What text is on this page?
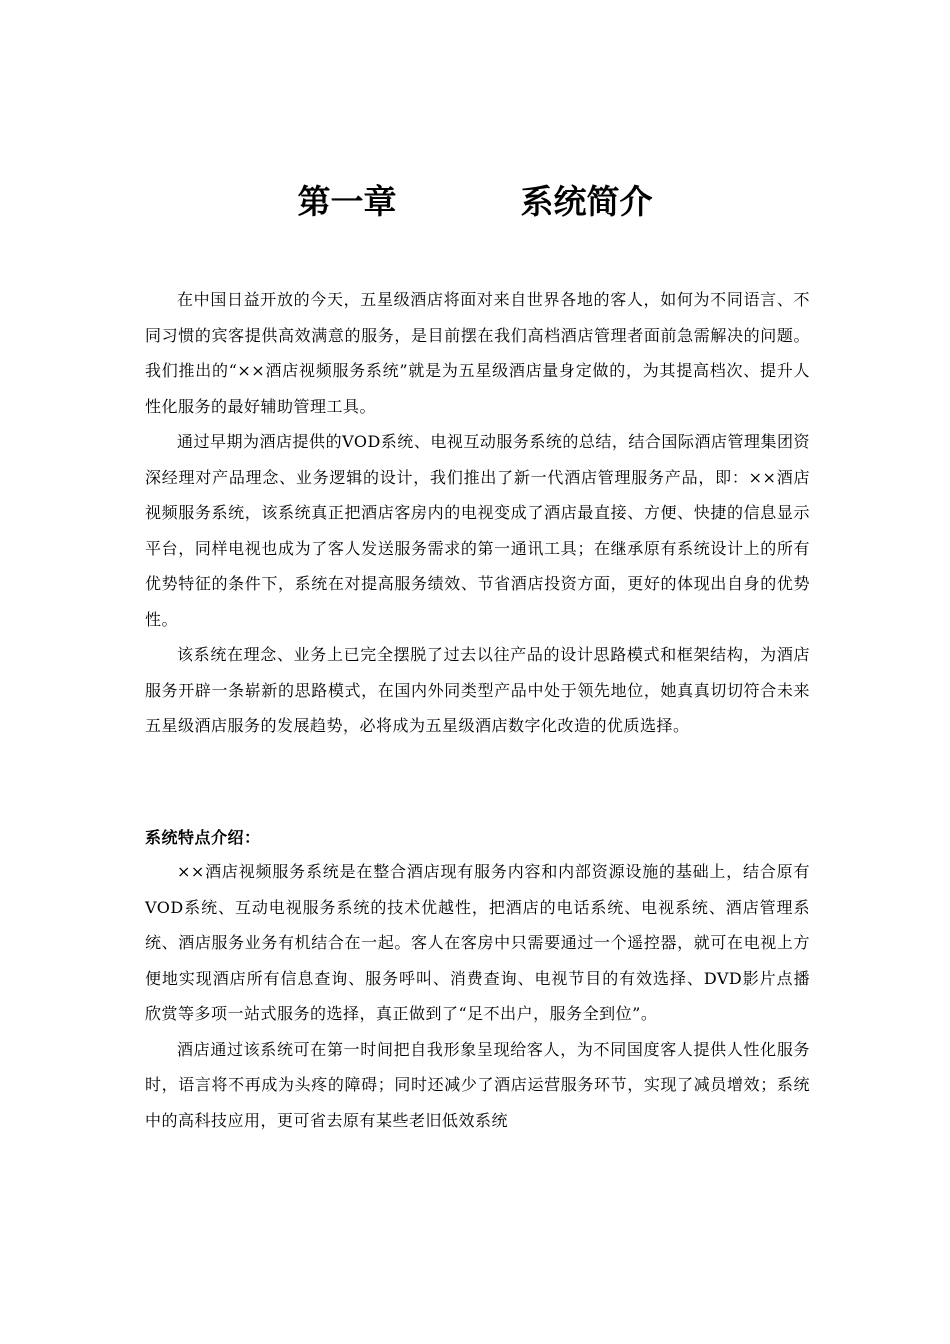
第一章	系统简介

在中国日益开放的今天，五星级酒店将面对来自世界各地的客人，如何为不同语言、不同习惯的宾客提供高效满意的服务，是目前摆在我们高档酒店管理者面前急需解决的问题。我们推出的“××酒店视频服务系统”就是为五星级酒店量身定做的，为其提高档次、提升人性化服务的最好辅助管理工具。

通过早期为酒店提供的VOD系统、电视互动服务系统的总结，结合国际酒店管理集团资深经理对产品理念、业务逻辑的设计，我们推出了新一代酒店管理服务产品，即：××酒店视频服务系统，该系统真正把酒店客房内的电视变成了酒店最直接、方便、快捷的信息显示平台，同样电视也成为了客人发送服务需求的第一通讯工具；在继承原有系统设计上的所有优势特征的条件下，系统在对提高服务绩效、节省酒店投资方面，更好的体现出自身的优势性。

该系统在理念、业务上已完全摆脱了过去以往产品的设计思路模式和框架结构，为酒店服务开辟一条崭新的思路模式，在国内外同类型产品中处于领先地位，她真真切切符合未来五星级酒店服务的发展趋势，必将成为五星级酒店数字化改造的优质选择。

系统特点介绍：

××酒店视频服务系统是在整合酒店现有服务内容和内部资源设施的基础上，结合原有VOD系统、互动电视服务系统的技术优越性，把酒店的电话系统、电视系统、酒店管理系统、酒店服务业务有机结合在一起。客人在客房中只需要通过一个遥控器，就可在电视上方便地实现酒店所有信息查询、服务呼叫、消费查询、电视节目的有效选择、DVD影片点播欣赏等多项一站式服务的选择，真正做到了“足不出户，服务全到位”。

酒店通过该系统可在第一时间把自我形象呈现给客人，为不同国度客人提供人性化服务时，语言将不再成为头疼的障碍；同时还减少了酒店运营服务环节，实现了减员增效；系统中的高科技应用，更可省去原有某些老旧低效系统
